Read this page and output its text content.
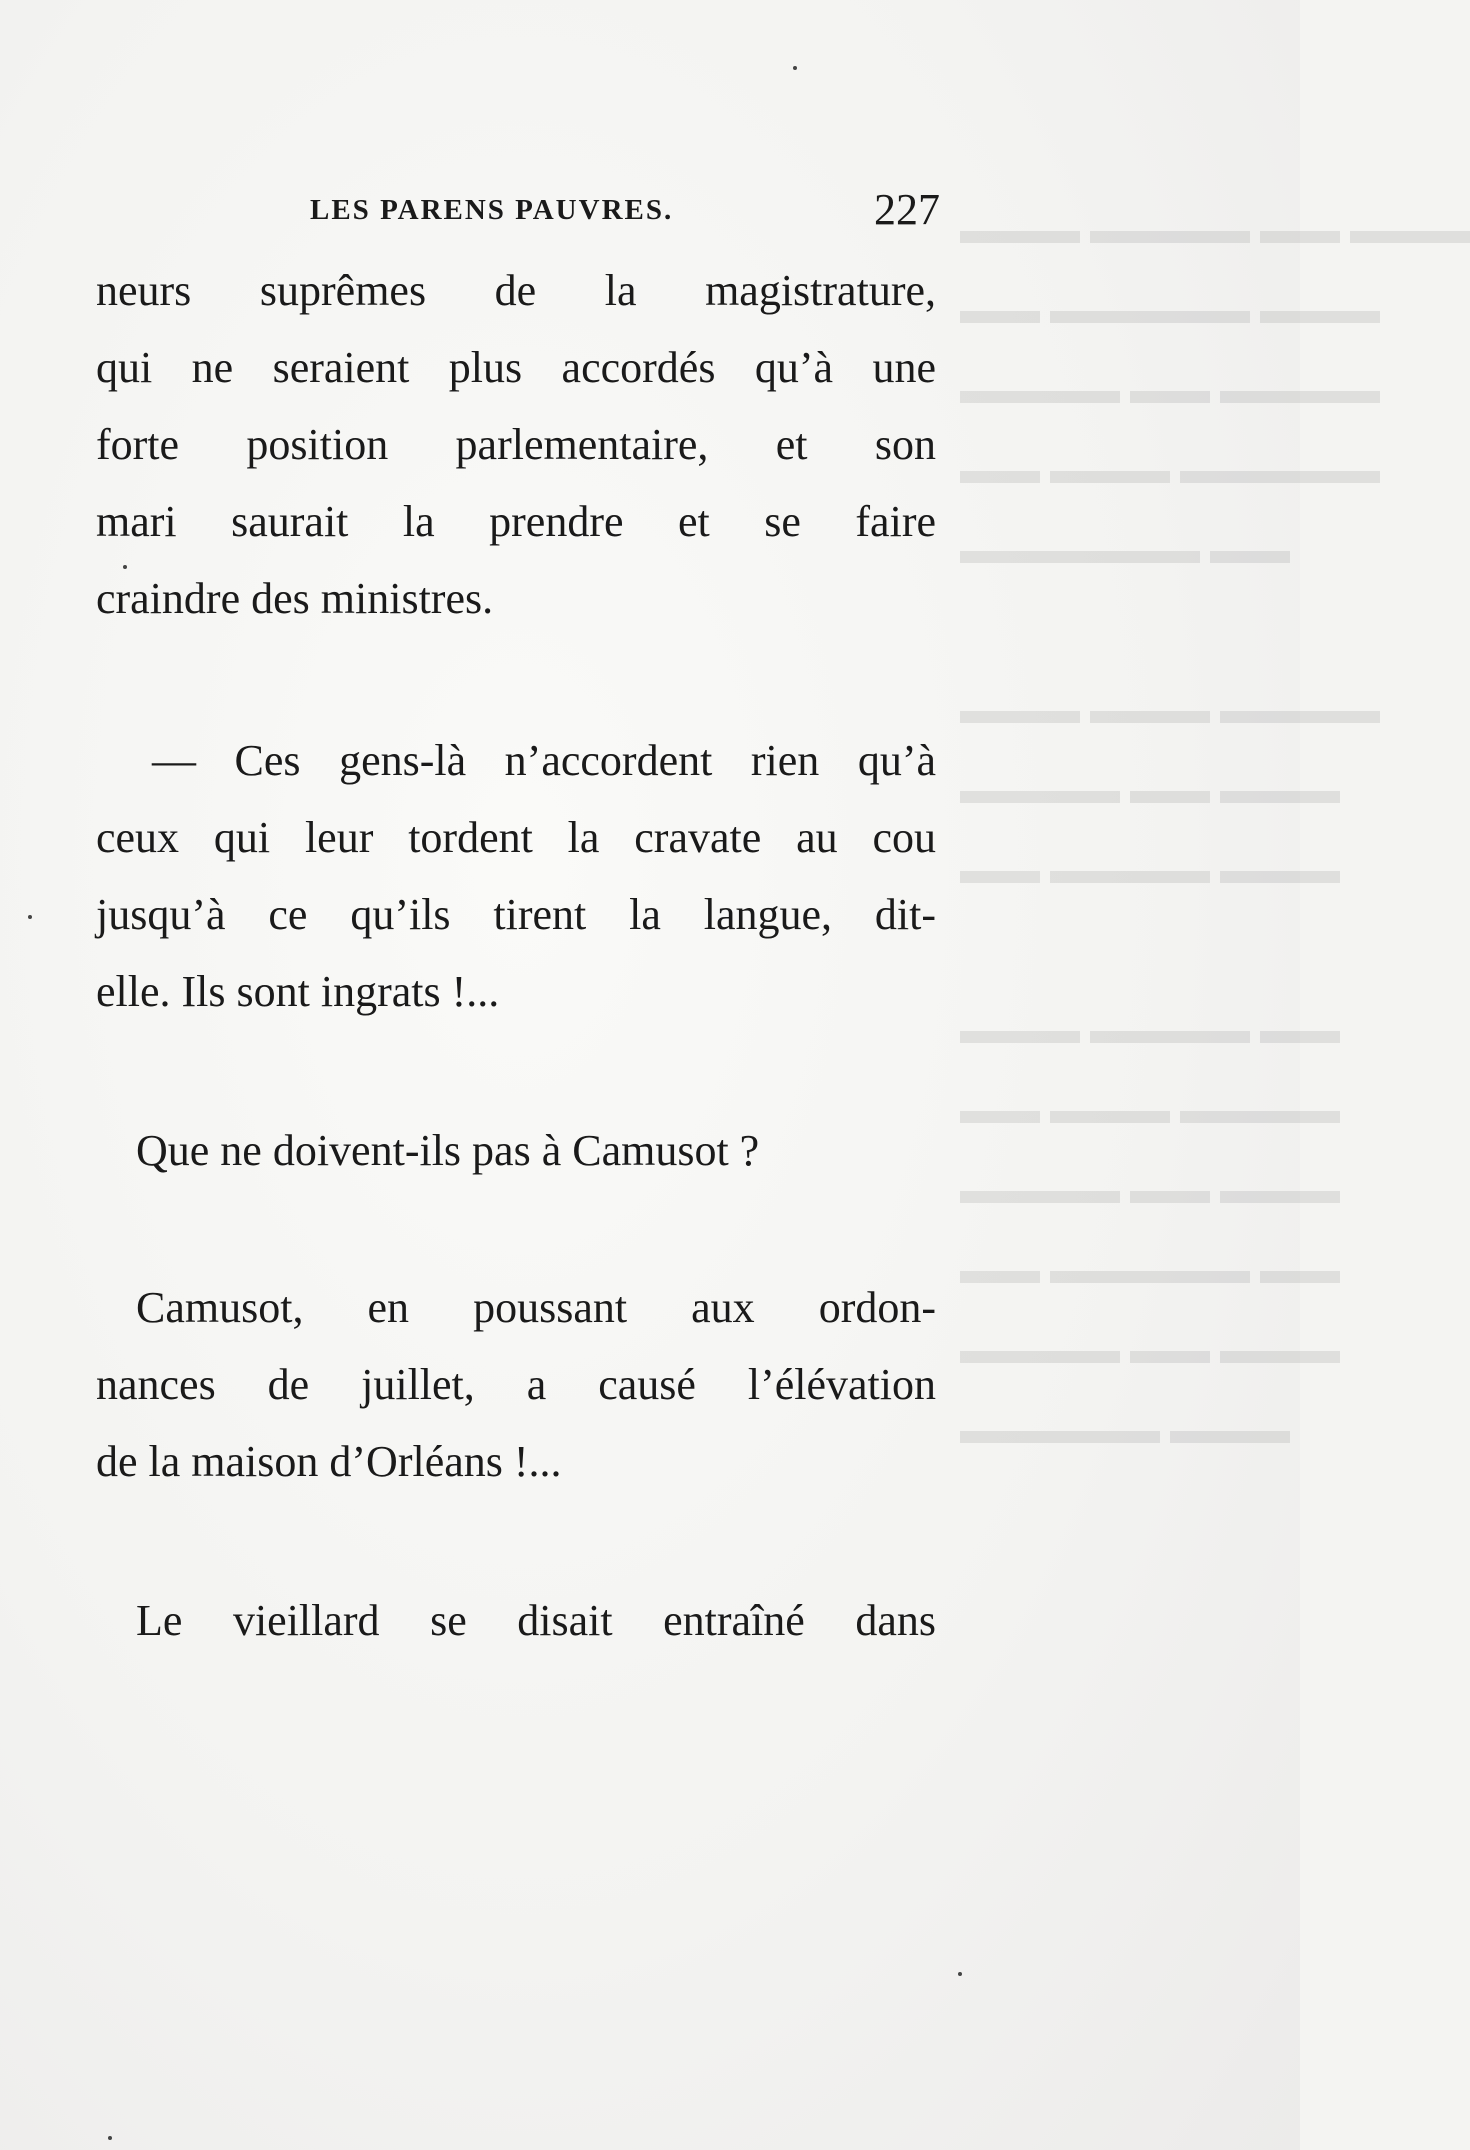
▬▬▬ ▬▬▬▬ ▬▬ ▬▬▬
▬▬ ▬▬▬▬▬ ▬▬▬
▬▬▬▬ ▬▬ ▬▬▬▬
▬▬ ▬▬▬ ▬▬▬▬▬
▬▬▬▬▬▬ ▬▬

▬▬▬ ▬▬▬ ▬▬▬▬
▬▬▬▬ ▬▬ ▬▬▬
▬▬ ▬▬▬▬ ▬▬▬

▬▬▬ ▬▬▬▬ ▬▬
▬▬ ▬▬▬ ▬▬▬▬
▬▬▬▬ ▬▬ ▬▬▬
▬▬ ▬▬▬▬▬ ▬▬
▬▬▬▬ ▬▬ ▬▬▬
▬▬▬▬▬ ▬▬▬
LES PARENS PAUVRES.	227

neurs suprêmes de la magistrature,
qui ne seraient plus accordés qu’à une
forte position parlementaire, et son
mari saurait la prendre et se faire
craindre des ministres.

— Ces gens-là n’accordent rien qu’à
ceux qui leur tordent la cravate au cou
jusqu’à ce qu’ils tirent la langue, dit-
elle. Ils sont ingrats !...

Que ne doivent-ils pas à Camusot ?

Camusot, en poussant aux ordon-
nances de juillet, a causé l’élévation
de la maison d’Orléans !...

Le vieillard se disait entraîné dans
